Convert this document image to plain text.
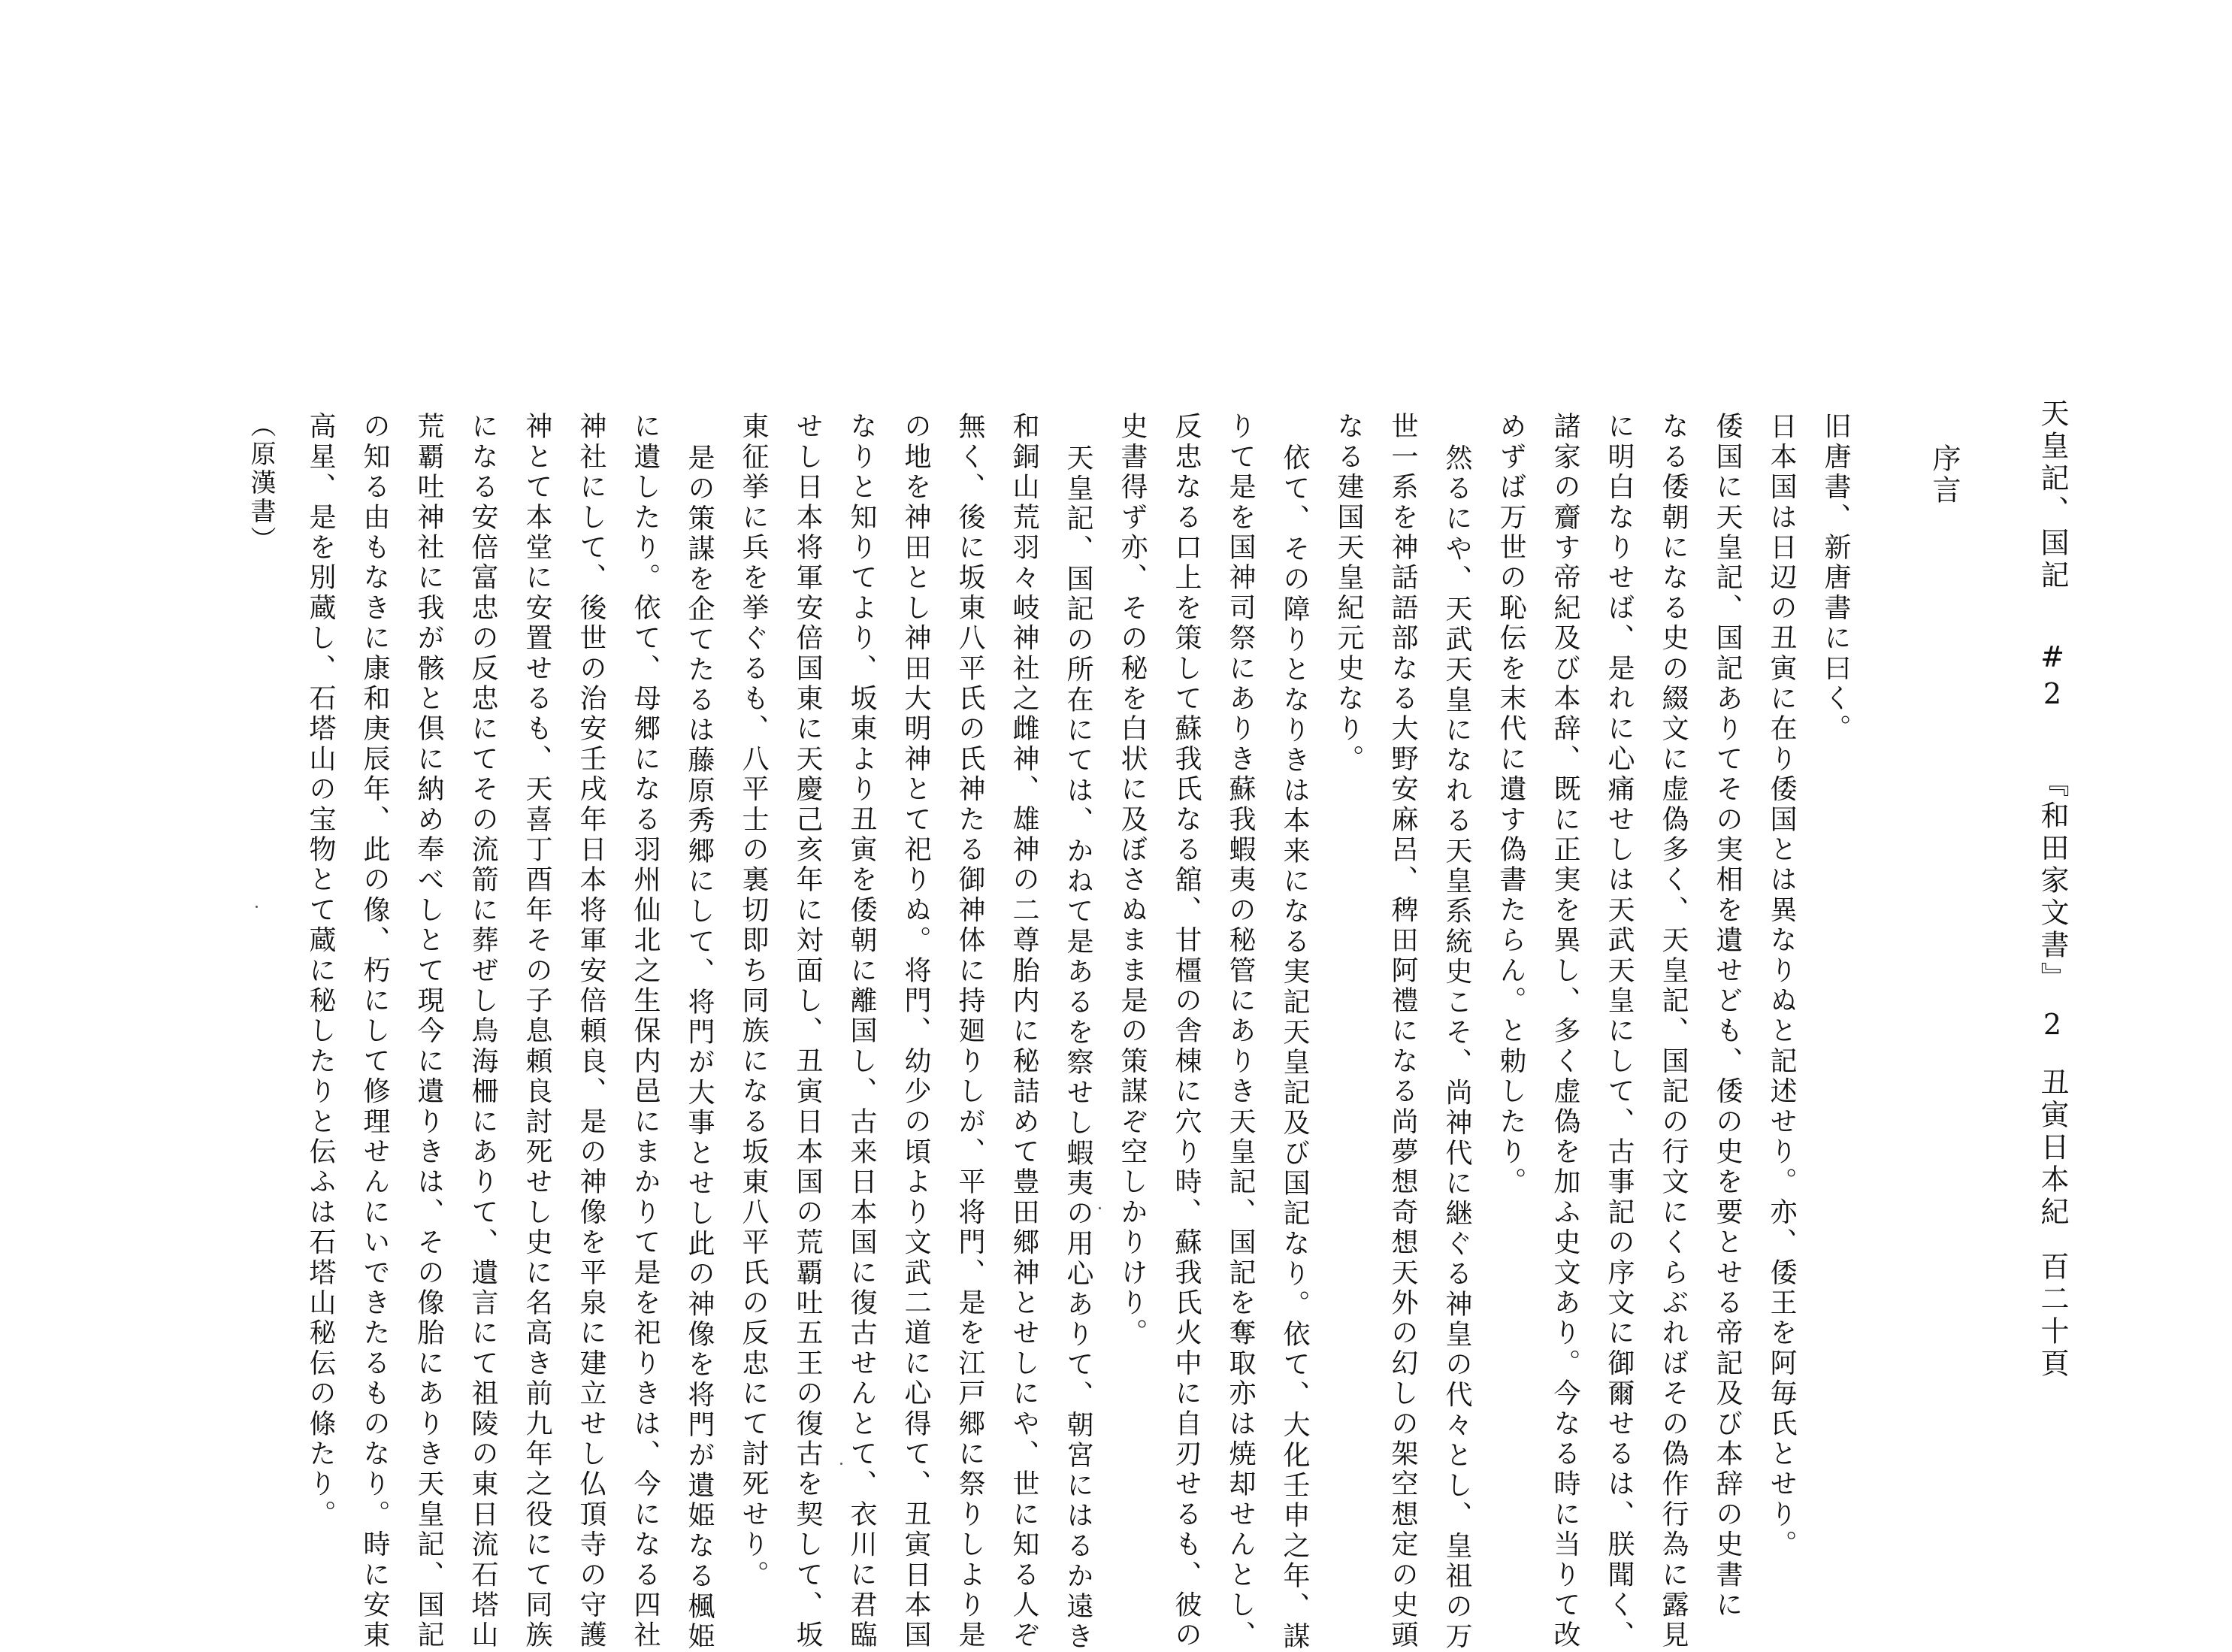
天皇記、国記#2『和田家文書』2丑寅日本紀百二十頁
序言
旧唐書、新唐書に曰く。
日本国は日辺の丑寅に在り倭国とは異なりぬと記述せり。亦、倭王を阿毎氏とせり。
倭国に天皇記、国記ありてその実相を遺せども、倭の史を要とせる帝記及び本辞の史書に
なる倭朝になる史の綴文に虚偽多く、天皇記、国記の行文にくらぶればその偽作行為に露見
に明白なりせば、是れに心痛せしは天武天皇にして、古事記の序文に御爾せるは、朕聞く、
諸家の齎す帝紀及び本辞、既に正実を異し、多く虚偽を加ふ史文あり。今なる時に当りて改
めずば万世の恥伝を末代に遺す偽書たらん。と勅したり。
然るにや、天武天皇になれる天皇系統史こそ、尚神代に継ぐる神皇の代々とし、皇祖の万
世一系を神話語部なる大野安麻呂、稗田阿禮になる尚夢想奇想天外の幻しの架空想定の史頭
なる建国天皇紀元史なり。
依て、その障りとなりきは本来になる実記天皇記及び国記なり。依て、大化壬申之年、謀
りて是を国神司祭にありき蘇我蝦夷の秘管にありき天皇記、国記を奪取亦は焼却せんとし、
反忠なる口上を策して蘇我氏なる舘、甘橿の舎棟に穴り時、蘇我氏火中に自刃せるも、彼の
史書得ず亦、その秘を白状に及ぼさぬまま是の策謀ぞ空しかりけり。
天皇記、国記の所在にては、かねて是あるを察せし蝦夷の用心ありて、朝宮にはるか遠き
和銅山荒羽々岐神社之雌神、雄神の二尊胎内に秘詰めて豊田郷神とせしにや、世に知る人ぞ
無く、後に坂東八平氏の氏神たる御神体に持廻りしが、平将門、是を江戸郷に祭りしより是
の地を神田とし神田大明神とて祀りぬ。将門、幼少の頃より文武二道に心得て、丑寅日本国
なりと知りてより、坂東より丑寅を倭朝に離国し、古来日本国に復古せんとて、衣川に君臨
せし日本将軍安倍国東に天慶己亥年に対面し、丑寅日本国の荒覇吐五王の復古を契して、坂
東征挙に兵を挙ぐるも、八平士の裏切即ち同族になる坂東八平氏の反忠にて討死せり。
是の策謀を企てたるは藤原秀郷にして、将門が大事とせし此の神像を将門が遺姫なる楓姫
に遺したり。依て、母郷になる羽州仙北之生保内邑にまかりて是を祀りきは、今になる四社
神社にして、後世の治安壬戌年日本将軍安倍頼良、是の神像を平泉に建立せし仏頂寺の守護
神とて本堂に安置せるも、天喜丁酉年その子息頼良討死せし史に名高き前九年之役にて同族
になる安倍富忠の反忠にてその流箭に葬ぜし鳥海柵にありて、遺言にて祖陵の東日流石塔山
荒覇吐神社に我が骸と倶に納め奉べしとて現今に遺りきは、その像胎にありき天皇記、国記
の知る由もなきに康和庚辰年、此の像、朽にして修理せんにいできたるものなり。時に安東
高星、是を別蔵し、石塔山の宝物とて蔵に秘したりと伝ふは石塔山秘伝の條たり。
（原漢書）
